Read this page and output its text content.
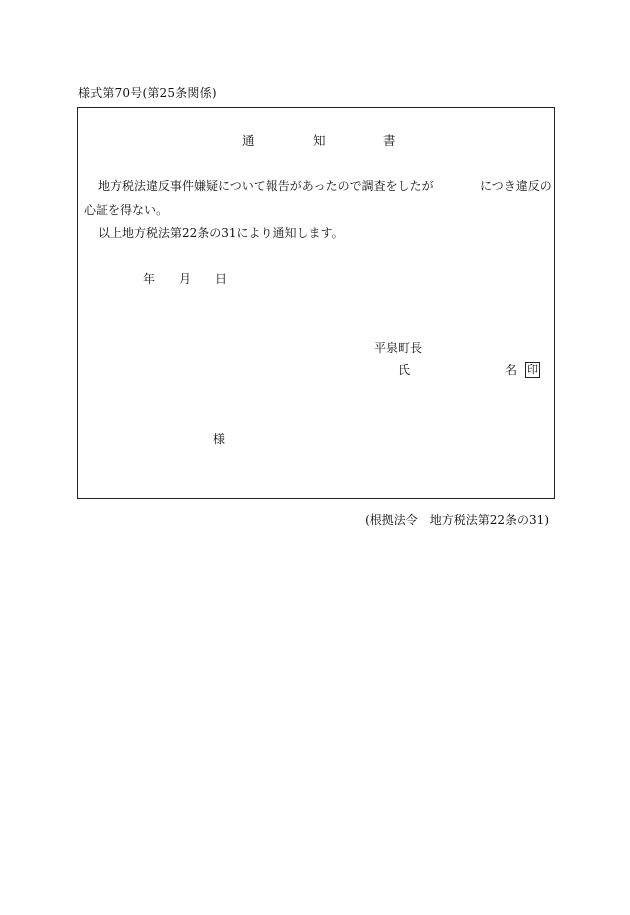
様式第70号(第25条関係)
通	知	書
地方税法違反事件嫌疑について報告があったので調査をしたが	につき違反の
心証を得ない。
以上地方税法第22条の31により通知します。
年 月 日
平泉町長
氏	名 印
様
(根拠法令　地方税法第22条の31)
